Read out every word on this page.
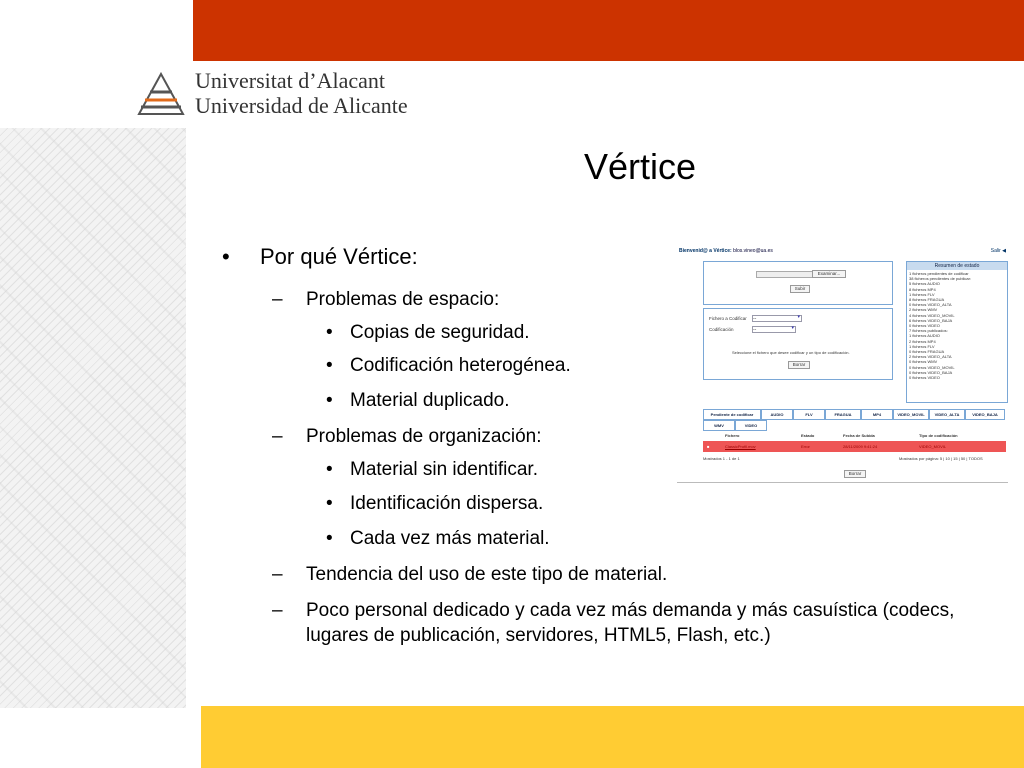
Universitat d’Alacant
Universidad de Alicante
Vértice
• Por qué Vértice:
– Problemas de espacio:
• Copias de seguridad.
• Codificación heterogénea.
• Material duplicado.
– Problemas de organización:
• Material sin identificar.
• Identificación dispersa.
• Cada vez más material.
– Tendencia del uso de este tipo de material.
– Poco personal dedicado y cada vez más demanda y más casuística (codecs, lugares de publicación, servidores, HTML5, Flash, etc.)
Bienvenid@ a Vértice: blos.vineo@ua.es	Salir ◀
Examinar...
Subir
Fichero a Codificar -- ▾
Codificación	-- ▾
Seleccione el fichero que desee codificar y un tipo de codificación.
Borrar
Resumen de estado
1 ficheros pendientes de codificar
38 ficheros pendientes de publicar:
5 ficheros AUDIO
8 ficheros MP4
1 ficheros FLV
8 ficheros FRAGUA
0 ficheros VIDEO_ALTA
2 ficheros WMV
4 ficheros VIDEO_MOVIL
6 ficheros VIDEO_BAJA
0 ficheros VIDEO
7 ficheros publicados:
1 ficheros AUDIO
2 ficheros MP4
1 ficheros FLV
0 ficheros FRAGUA
2 ficheros VIDEO_ALTA
0 ficheros WMV
0 ficheros VIDEO_MOVIL
0 ficheros VIDEO_BAJA
0 ficheros VIDEO
Pendiente de codificar	AUDIO	FLV	FRAGUA	MP4	VIDEO_MOVIL	VIDEO_ALTA	VIDEO_BAJA
WMV	VIDEO
Fichero	Estado	Fecha de Subida	Tipo de codificación
■	ClassicProfil.mov	Error	28/11/2009 9:41:24	VIDEO_MOVIL
Mostrados 1 - 1 de 1	Mostrados por página: 5 | 10 | 15 | 50 | TODOS
Borrar
